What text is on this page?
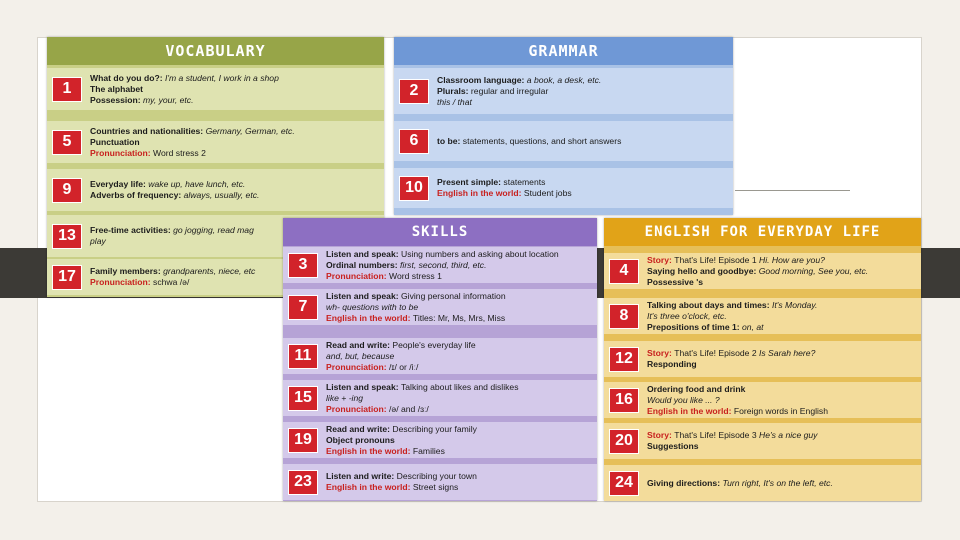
VOCABULARY
1
What do you do?: I'm a student, I work in a shop
The alphabet
Possession: my, your, etc.
5
Countries and nationalities: Germany, German, etc.
Punctuation
Pronunciation: Word stress 2
9	Everyday life: wake up, have lunch, etc.
Adverbs of frequency: always, usually, etc.
13	Free-time activities: go jogging, read mag
play
17	Family members: grandparents, niece, etc
Pronunciation: schwa /ə/
GRAMMAR
2
Classroom language: a book, a desk, etc.
Plurals: regular and irregular
this / that
6	to be: statements, questions, and short answers
10	Present simple: statements
English in the world: Student jobs
SKILLS
3
Listen and speak: Using numbers and asking about location
Ordinal numbers: first, second, third, etc.
Pronunciation: Word stress 1
7
Listen and speak: Giving personal information
wh- questions with to be
English in the world: Titles: Mr, Ms, Mrs, Miss
11
Read and write: People's everyday life
and, but, because
Pronunciation: /ɪ/ or /iː/
15
Listen and speak: Talking about likes and dislikes
like + -ing
Pronunciation: /ə/ and /ɜː/
19
Read and write: Describing your family
Object pronouns
English in the world: Families
23	Listen and write: Describing your town
English in the world: Street signs
ENGLISH FOR EVERYDAY LIFE
4
Story: That's Life! Episode 1 Hi. How are you?
Saying hello and goodbye: Good morning, See you, etc.
Possessive 's
8
Talking about days and times: It's Monday.
It's three o'clock, etc.
Prepositions of time 1: on, at
12	Story: That's Life! Episode 2 Is Sarah here?
Responding
16
Ordering food and drink
Would you like ... ?
English in the world: Foreign words in English
20	Story: That's Life! Episode 3 He's a nice guy
Suggestions
24	Giving directions: Turn right, It's on the left, etc.
